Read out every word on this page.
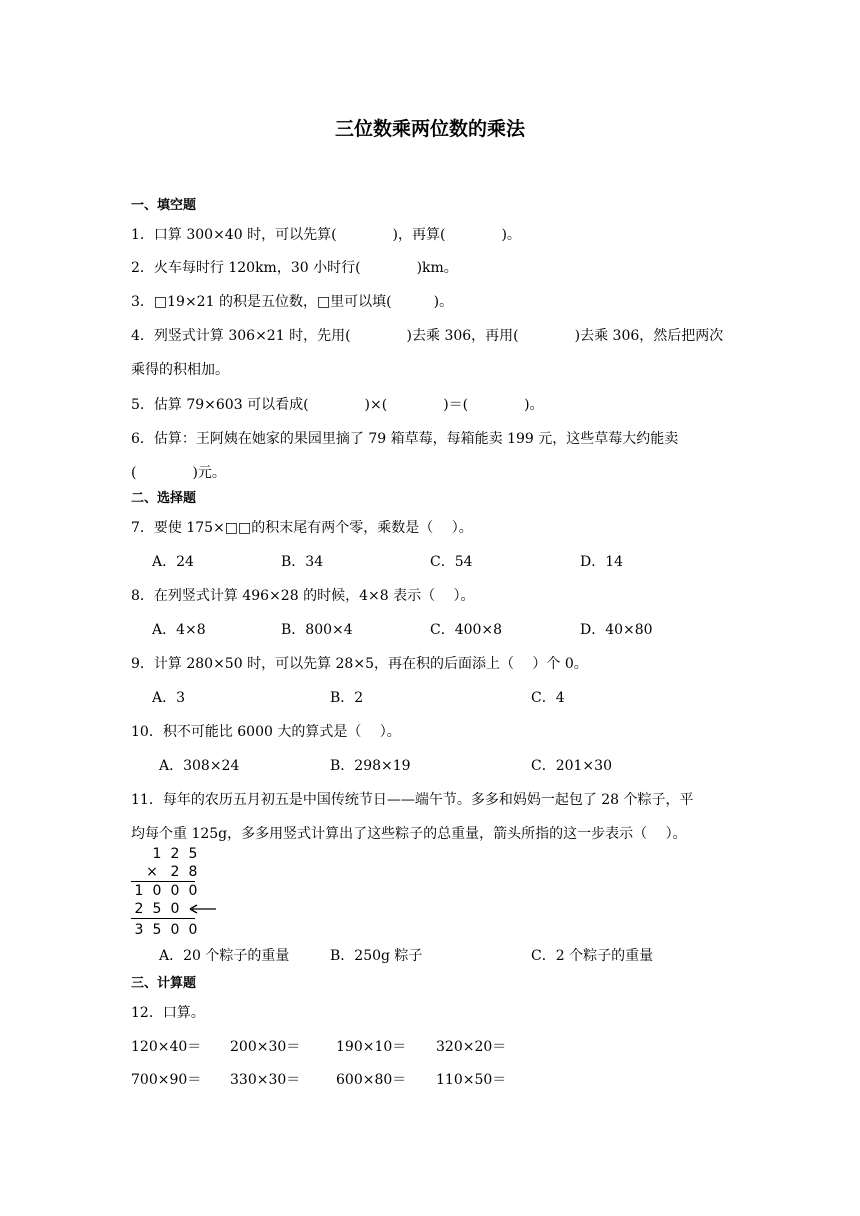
三位数乘两位数的乘法
一、填空题
1．口算 300×40 时，可以先算(　　　　)，再算(　　　　)。
2．火车每时行 120km，30 小时行(　　　　)km。
3．□19×21 的积是五位数，□里可以填(　　　)。
4．列竖式计算 306×21 时，先用(　　　　)去乘 306，再用(　　　　)去乘 306，然后把两次
乘得的积相加。
5．估算 79×603 可以看成(　　　　)×(　　　　)＝(　　　　)。
6．估算：王阿姨在她家的果园里摘了 79 箱草莓，每箱能卖 199 元，这些草莓大约能卖
(　　　　)元。
二、选择题
7．要使 175×□□的积末尾有两个零，乘数是（　 ）。
A．24	B．34	C．54	D．14
8．在列竖式计算 496×28 的时候，4×8 表示（　 ）。
A．4×8	B．800×4	C．400×8	D．40×80
9．计算 280×50 时，可以先算 28×5，再在积的后面添上（　 ）个 0。
A．3	B．2	C．4
10．积不可能比 6000 大的算式是（　 ）。
A．308×24	B．298×19	C．201×30
11．每年的农历五月初五是中国传统节日——端午节。多多和妈妈一起包了 28 个粽子，平
均每个重 125g，多多用竖式计算出了这些粽子的总重量，箭头所指的这一步表示（　 ）。
1 2 5
× 2 8
1 0 0 0
2 5 0
3 5 0 0
A．20 个粽子的重量	B．250g 粽子	C．2 个粽子的重量
三、计算题
12．口算。
120×40＝ 200×30＝	190×10＝ 320×20＝
700×90＝ 330×30＝	600×80＝ 110×50＝
